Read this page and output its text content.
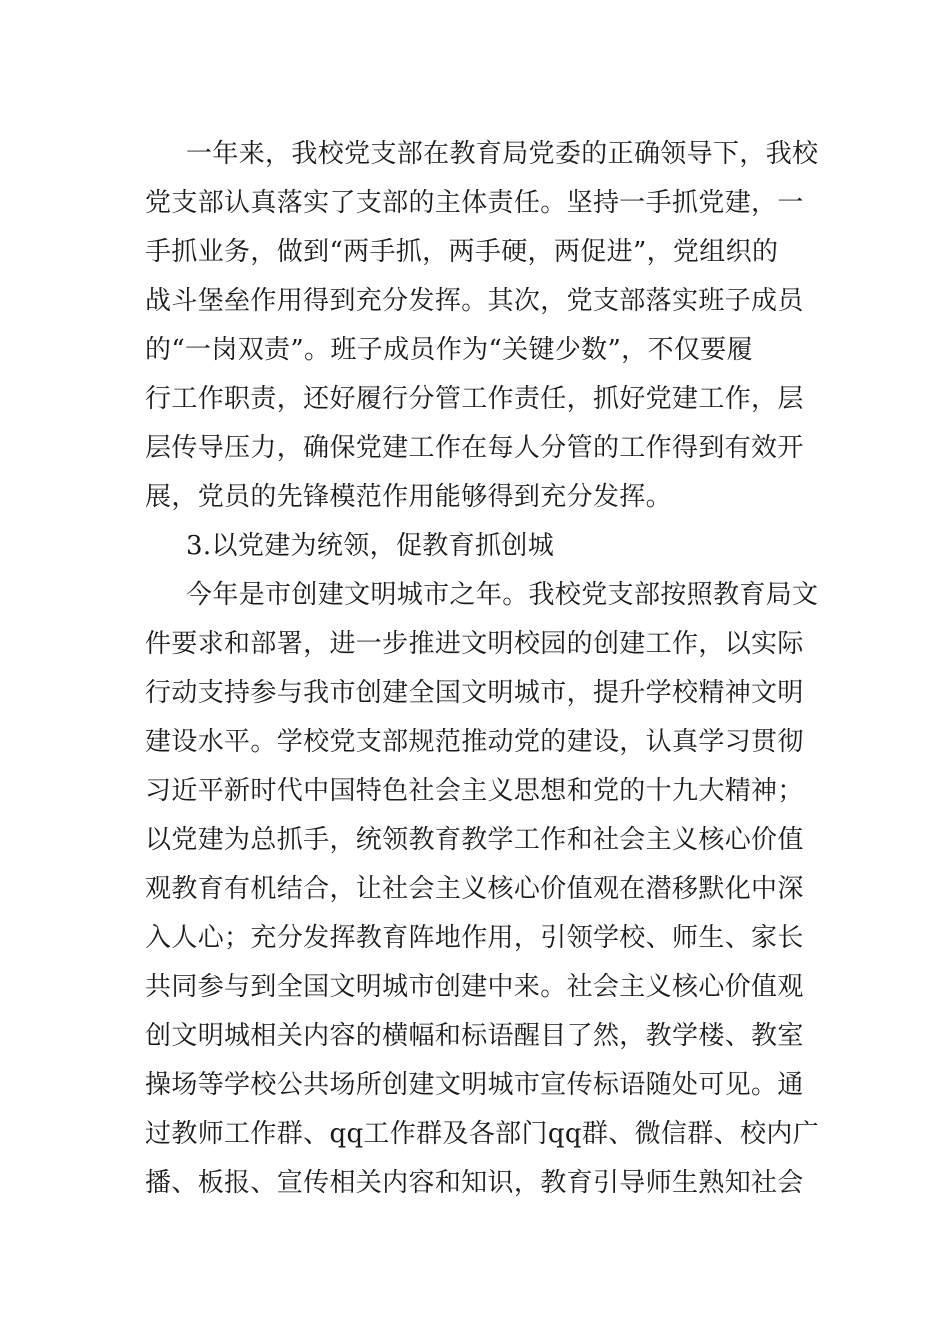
一年来，我校党支部在教育局党委的正确领导下，我校
党支部认真落实了支部的主体责任。坚持一手抓党建，一
手抓业务，做到“两手抓，两手硬，两促进”，党组织的
战斗堡垒作用得到充分发挥。其次，党支部落实班子成员
的“一岗双责”。班子成员作为“关键少数”，不仅要履
行工作职责，还好履行分管工作责任，抓好党建工作，层
层传导压力，确保党建工作在每人分管的工作得到有效开
展，党员的先锋模范作用能够得到充分发挥。
3.以党建为统领，促教育抓创城
今年是市创建文明城市之年。我校党支部按照教育局文
件要求和部署，进一步推进文明校园的创建工作，以实际
行动支持参与我市创建全国文明城市，提升学校精神文明
建设水平。学校党支部规范推动党的建设，认真学习贯彻
习近平新时代中国特色社会主义思想和党的十九大精神；
以党建为总抓手，统领教育教学工作和社会主义核心价值
观教育有机结合，让社会主义核心价值观在潜移默化中深
入人心；充分发挥教育阵地作用，引领学校、师生、家长
共同参与到全国文明城市创建中来。社会主义核心价值观
创文明城相关内容的横幅和标语醒目了然，教学楼、教室
操场等学校公共场所创建文明城市宣传标语随处可见。通
过教师工作群、qq工作群及各部门qq群、微信群、校内广
播、板报、宣传相关内容和知识，教育引导师生熟知社会
